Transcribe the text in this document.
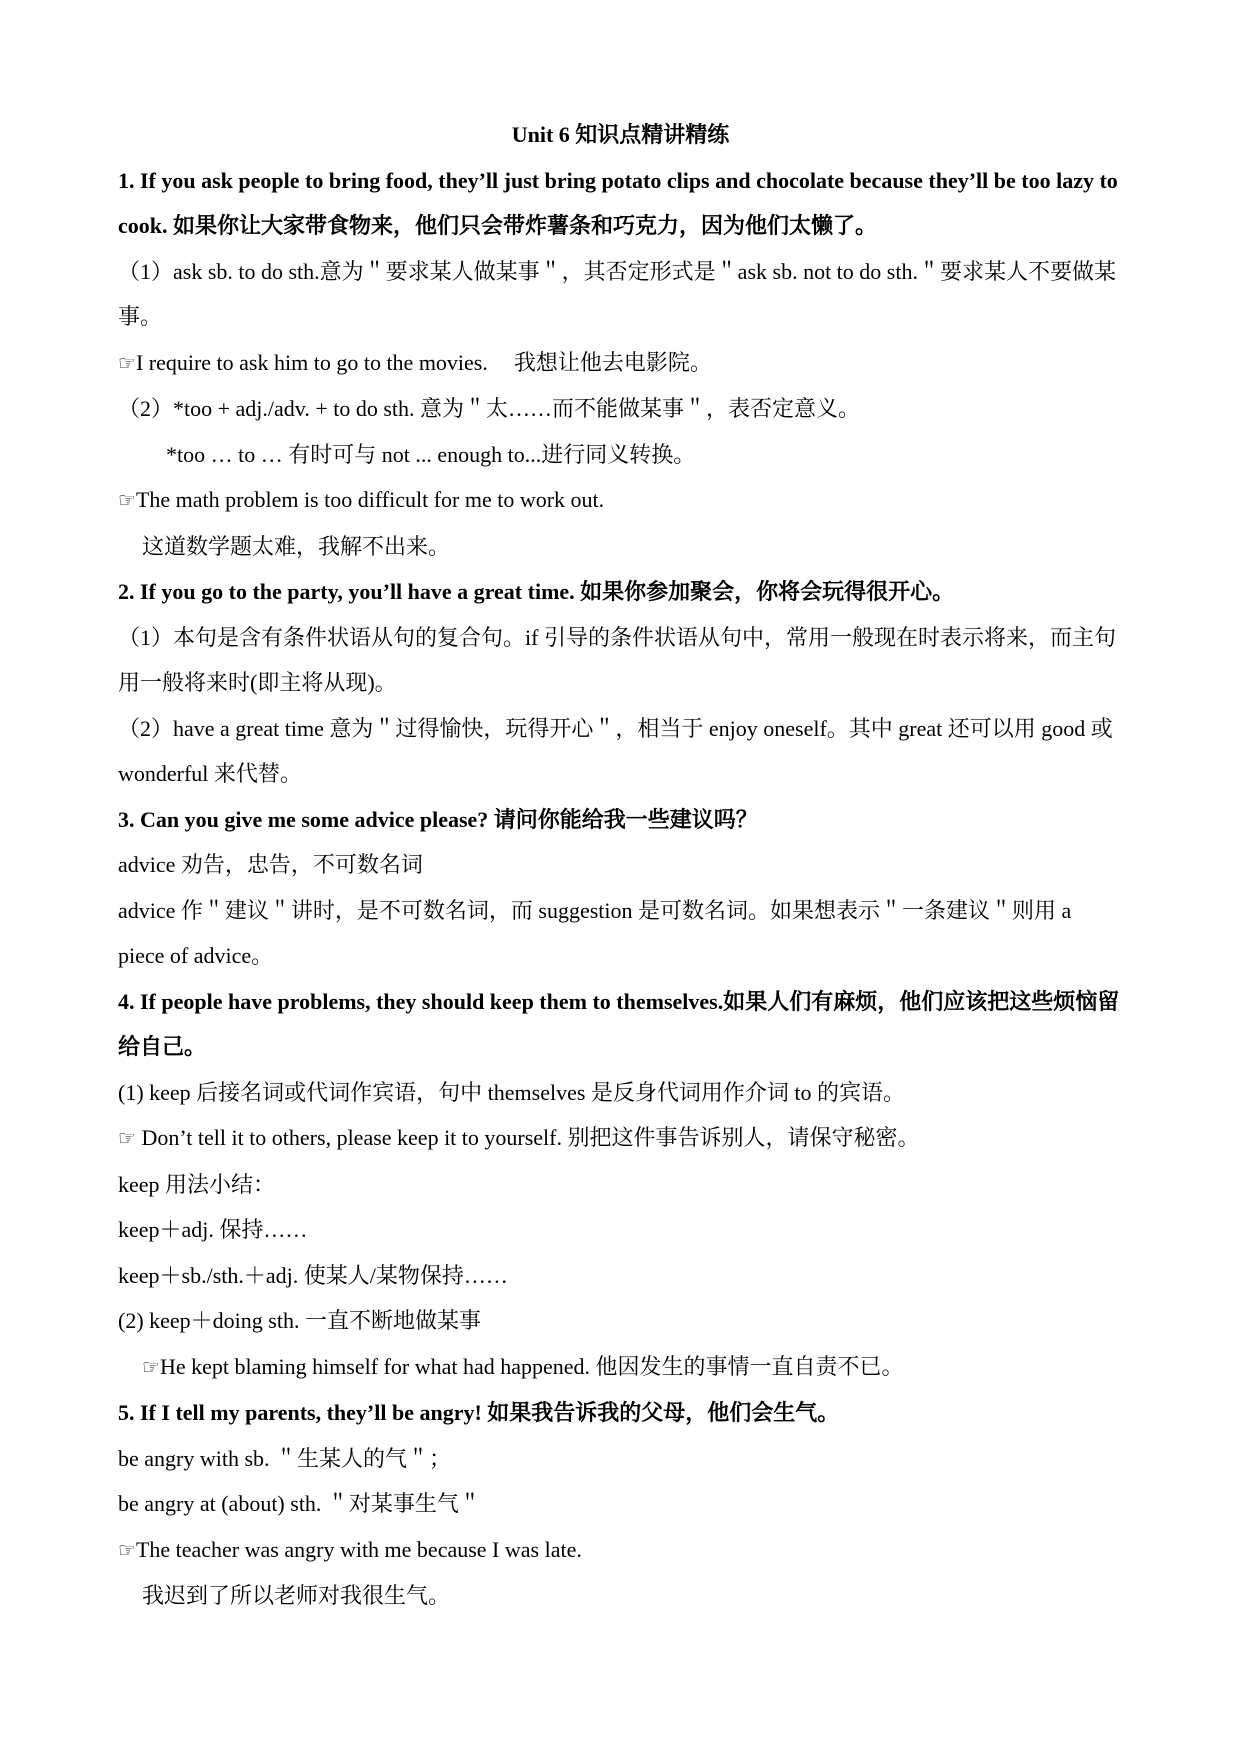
Unit 6 知识点精讲精练

1. If you ask people to bring food, they’ll just bring potato clips and chocolate because they’ll be too lazy to cook. 如果你让大家带食物来，他们只会带炸薯条和巧克力，因为他们太懒了。

（1）ask sb. to do sth.意为＂要求某人做某事＂，其否定形式是＂ask sb. not to do sth.＂要求某人不要做某事。

☞I require to ask him to go to the movies. 我想让他去电影院。

（2）*too + adj./adv. + to do sth. 意为＂太……而不能做某事＂，表否定意义。

*too … to … 有时可与 not ... enough to...进行同义转换。

☞The math problem is too difficult for me to work out.

这道数学题太难，我解不出来。

2. If you go to the party, you’ll have a great time. 如果你参加聚会，你将会玩得很开心。

（1）本句是含有条件状语从句的复合句。if 引导的条件状语从句中，常用一般现在时表示将来，而主句用一般将来时(即主将从现)。

（2）have a great time 意为＂过得愉快，玩得开心＂，相当于 enjoy oneself。其中 great 还可以用 good 或 wonderful 来代替。

3. Can you give me some advice please? 请问你能给我一些建议吗？

advice 劝告，忠告，不可数名词

advice 作＂建议＂讲时，是不可数名词，而 suggestion 是可数名词。如果想表示＂一条建议＂则用 a piece of advice。

4. If people have problems, they should keep them to themselves.如果人们有麻烦，他们应该把这些烦恼留给自己。

(1) keep 后接名词或代词作宾语，句中 themselves 是反身代词用作介词 to 的宾语。

☞ Don’t tell it to others, please keep it to yourself. 别把这件事告诉别人，请保守秘密。

keep 用法小结：

keep＋adj. 保持……

keep＋sb./sth.＋adj. 使某人/某物保持……

(2) keep＋doing sth. 一直不断地做某事

☞He kept blaming himself for what had happened. 他因发生的事情一直自责不已。

5. If I tell my parents, they’ll be angry! 如果我告诉我的父母，他们会生气。

be angry with sb. ＂生某人的气＂；

be angry at (about) sth. ＂对某事生气＂

☞The teacher was angry with me because I was late.

我迟到了所以老师对我很生气。
